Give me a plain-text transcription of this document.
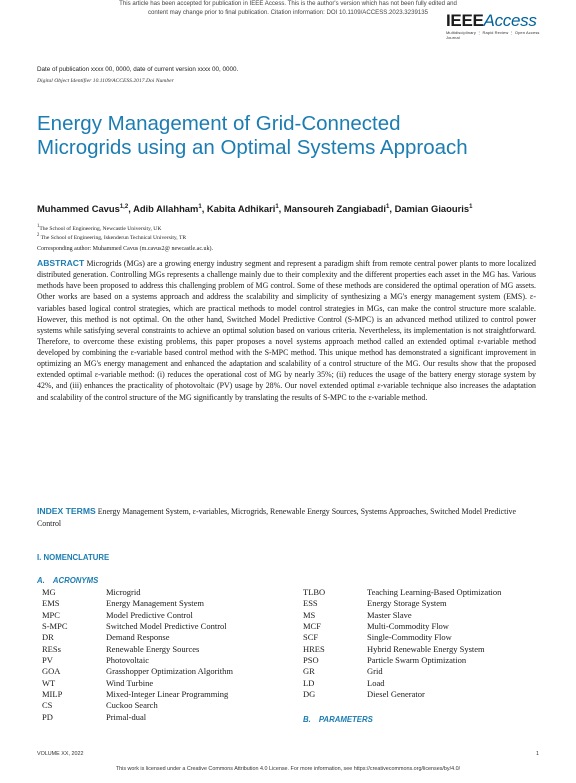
This article has been accepted for publication in IEEE Access. This is the author's version which has not been fully edited and
content may change prior to final publication. Citation information: DOI 10.1109/ACCESS.2023.3239135	IEEEAccess
Multidisciplinary ⋮ Rapid Review ⋮ Open Access Journal
Date of publication xxxx 00, 0000, date of current version xxxx 00, 0000.
Digital Object Identifier 10.1109/ACCESS.2017.Doi Number
Energy Management of Grid-Connected Microgrids using an Optimal Systems Approach
Muhammed Cavus$^{1,2}$, Adib Allahham$^1$, Kabita Adhikari$^1$, Mansoureh Zangiabadi$^1$, Damian Giaouris$^1$
$^1$The School of Engineering, Newcastle University, UK
$^2$ The School of Engineering, Iskenderun Technical University, TR
Corresponding author: Muhammed Cavus (m.cavus2@ newcastle.ac.uk).
ABSTRACT Microgrids (MGs) are a growing energy industry segment and represent a paradigm shift from remote central power plants to more localized distributed generation. Controlling MGs represents a challenge mainly due to their complexity and the different properties each asset in the MG has. Various methods have been proposed to address this challenging problem of MG control. Some of these methods are considered the optimal operation of MG assets. Other works are based on a systems approach and address the scalability and simplicity of synthesizing a MG's energy management system (EMS). ε-variables based logical control strategies, which are practical methods to model control strategies in MGs, can make the control structure more scalable. However, this method is not optimal. On the other hand, Switched Model Predictive Control (S-MPC) is an advanced method utilized to control power systems while satisfying several constraints to achieve an optimal solution based on various criteria. Nevertheless, its implementation is not straightforward. Therefore, to overcome these existing problems, this paper proposes a novel systems approach method called an extended optimal ε-variable method developed by combining the ε-variable based control method with the S-MPC method. This unique method has demonstrated a significant improvement in optimizing an MG's energy management and enhanced the adaptation and scalability of a control structure of the MG. Our results show that the proposed extended optimal ε-variable method: (i) reduces the operational cost of MG by nearly 35%; (ii) reduces the usage of the battery energy storage system by 42%, and (iii) enhances the practicality of photovoltaic (PV) usage by 28%. Our novel extended optimal ε-variable technique also increases the adaptation and scalability of the control structure of the MG significantly by translating the results of S-MPC to the ε-variable method.
INDEX TERMS Energy Management System, ε-variables, Microgrids, Renewable Energy Sources, Systems Approaches, Switched Model Predictive Control
I. NOMENCLATURE
A. ACRONYMS
MG	Microgrid
EMS	Energy Management System
MPC	Model Predictive Control
S-MPC	Switched Model Predictive Control
DR	Demand Response
RESs	Renewable Energy Sources
PV	Photovoltaic
GOA	Grasshopper Optimization Algorithm
WT	Wind Turbine
MILP	Mixed-Integer Linear Programming
CS	Cuckoo Search
PD	Primal-dual
TLBO	Teaching Learning-Based Optimization
ESS	Energy Storage System
MS	Master Slave
MCF	Multi-Commodity Flow
SCF	Single-Commodity Flow
HRES	Hybrid Renewable Energy System
PSO	Particle Swarm Optimization
GR	Grid
LD	Load
DG	Diesel Generator
B. PARAMETERS
VOLUME XX, 2022	1
This work is licensed under a Creative Commons Attribution 4.0 License. For more information, see https://creativecommons.org/licenses/by/4.0/
